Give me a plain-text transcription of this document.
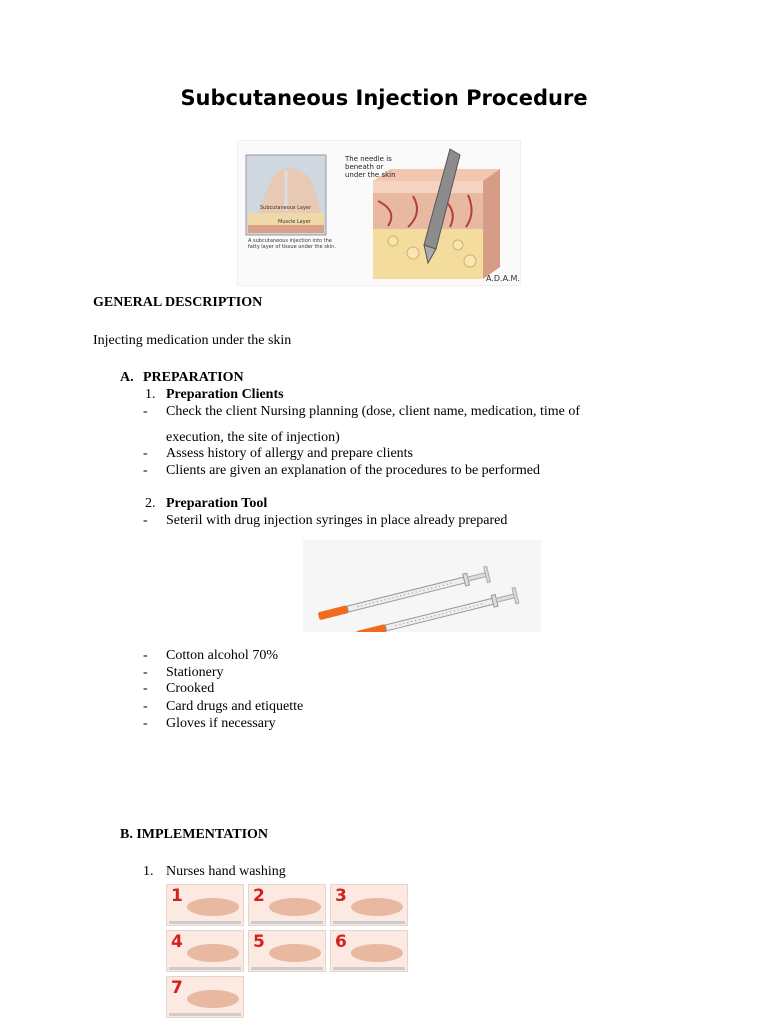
Subcutaneous Injection Procedure
Subcutaneous Layer
Muscle Layer
A subcutaneous injection into the
fatty layer of tissue under the skin.
The needle is
beneath or
under the skin
A.D.A.M.
GENERAL DESCRIPTION
Injecting medication under the skin
A. PREPARATION
1. Preparation Clients
- Check the client Nursing planning (dose, client name, medication, time of
execution, the site of injection)
- Assess history of allergy and prepare clients
- Clients are given an explanation of the procedures to be performed
2. Preparation Tool
- Seteril with drug injection syringes in place already prepared
- Cotton alcohol 70%
- Stationery
- Crooked
- Card drugs and etiquette
- Gloves if necessary
B. IMPLEMENTATION
1. Nurses hand washing
1	2	3
4	5	6
7
